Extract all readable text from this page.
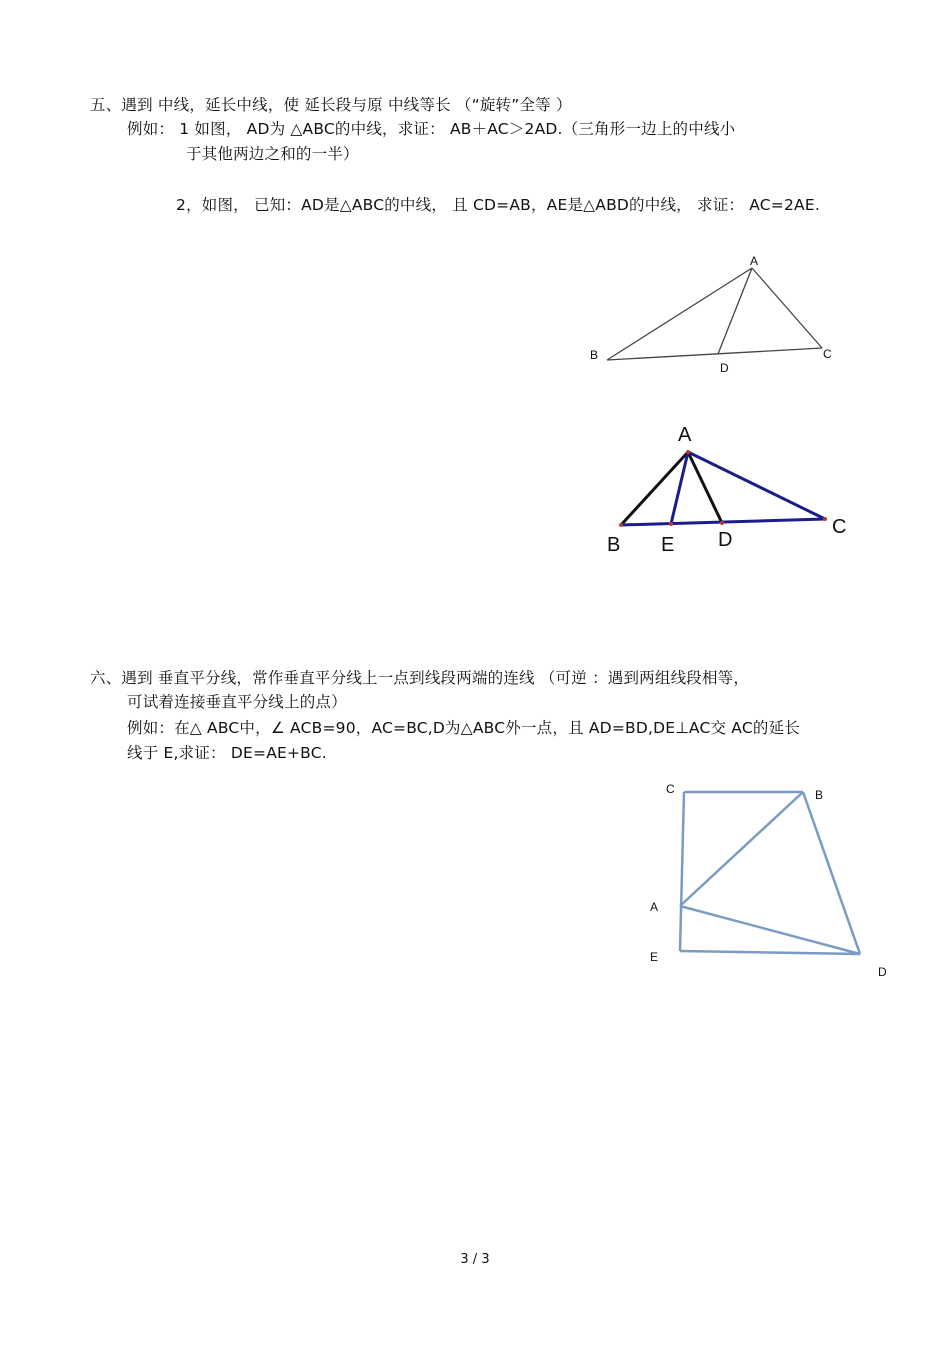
五、遇到 中线，延长中线，使 延长段与原 中线等长 （“旋转”全等 ）
例如： 1 如图， AD为 △ABC的中线，求证： AB＋AC＞2AD.（三角形一边上的中线小
于其他两边之和的一半）
2，如图， 已知：AD是△ABC的中线， 且 CD=AB，AE是△ABD的中线， 求证： AC=2AE.
A
B	C
D
A
B E D
C
C	B
A
E
D
六、遇到 垂直平分线，常作垂直平分线上一点到线段两端的连线 （可逆 ：遇到两组线段相等，
可试着连接垂直平分线上的点）
例如：在△ ABC中，∠ ACB=90，AC=BC,D为△ABC外一点，且 AD=BD,DE⊥AC交 AC的延长
线于 E,求证： DE=AE+BC.
3 / 3
